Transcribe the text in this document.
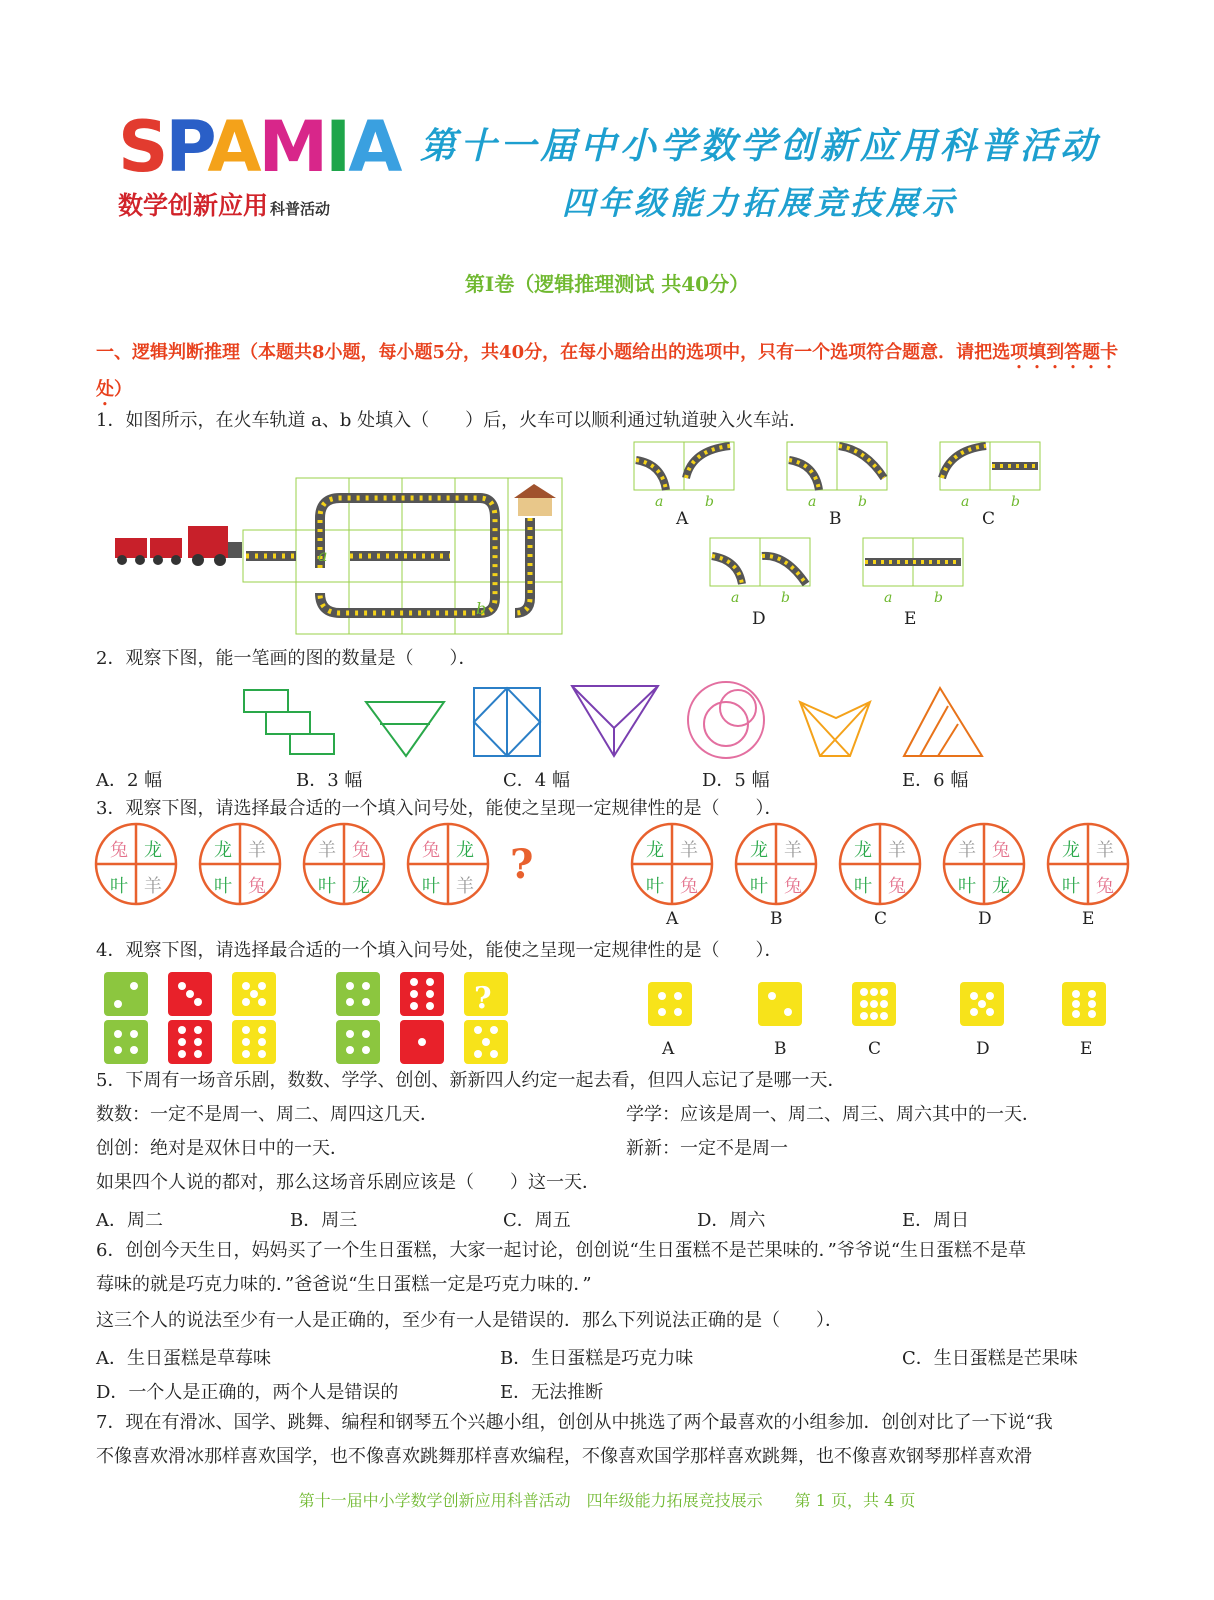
SPAMIA
数学创新应用 科普活动
第十一届中小学数学创新应用科普活动
四年级能力拓展竞技展示
第Ⅰ卷（逻辑推理测试 共40分）
一、逻辑判断推理（本题共8小题，每小题5分，共40分，在每小题给出的选项中，只有一个选项符合题意．请把选项填到答题卡处）
1．如图所示，在火车轨道 a、b 处填入（　　）后，火车可以顺利通过轨道驶入火车站．
a
b
a	b	a	b	a	b
a	b	a	b
A	B	C
D	E
2．观察下图，能一笔画的图的数量是（　　）．
A．2 幅	B．3 幅	C．4 幅	D．5 幅	E．6 幅
3．观察下图，请选择最合适的一个填入问号处，能使之呈现一定规律性的是（　　）．
兔 龙
叶 羊
龙 羊
叶 兔
羊 兔
叶 龙
兔 龙
叶 羊
龙 羊
叶 兔
龙 羊
叶 兔
龙 羊
叶 兔
羊 兔
叶 龙
龙 羊
叶 兔
?
A	B	C	D	E
4．观察下图，请选择最合适的一个填入问号处，能使之呈现一定规律性的是（　　）．
?
A	B	C	D	E
5．下周有一场音乐剧，数数、学学、创创、新新四人约定一起去看，但四人忘记了是哪一天．
数数：一定不是周一、周二、周四这几天．	学学：应该是周一、周二、周三、周六其中的一天．
创创：绝对是双休日中的一天．	新新：一定不是周一
如果四个人说的都对，那么这场音乐剧应该是（　　）这一天．
A．周二	B．周三	C．周五	D．周六	E．周日
6．创创今天生日，妈妈买了一个生日蛋糕，大家一起讨论，创创说“生日蛋糕不是芒果味的．”爷爷说“生日蛋糕不是草
莓味的就是巧克力味的．”爸爸说“生日蛋糕一定是巧克力味的．”
这三个人的说法至少有一人是正确的，至少有一人是错误的．那么下列说法正确的是（　　）．
A．生日蛋糕是草莓味	B．生日蛋糕是巧克力味	C．生日蛋糕是芒果味
D．一个人是正确的，两个人是错误的	E．无法推断
7．现在有滑冰、国学、跳舞、编程和钢琴五个兴趣小组，创创从中挑选了两个最喜欢的小组参加．创创对比了一下说“我
不像喜欢滑冰那样喜欢国学，也不像喜欢跳舞那样喜欢编程，不像喜欢国学那样喜欢跳舞，也不像喜欢钢琴那样喜欢滑
第十一届中小学数学创新应用科普活动　四年级能力拓展竞技展示　　第 1 页，共 4 页
